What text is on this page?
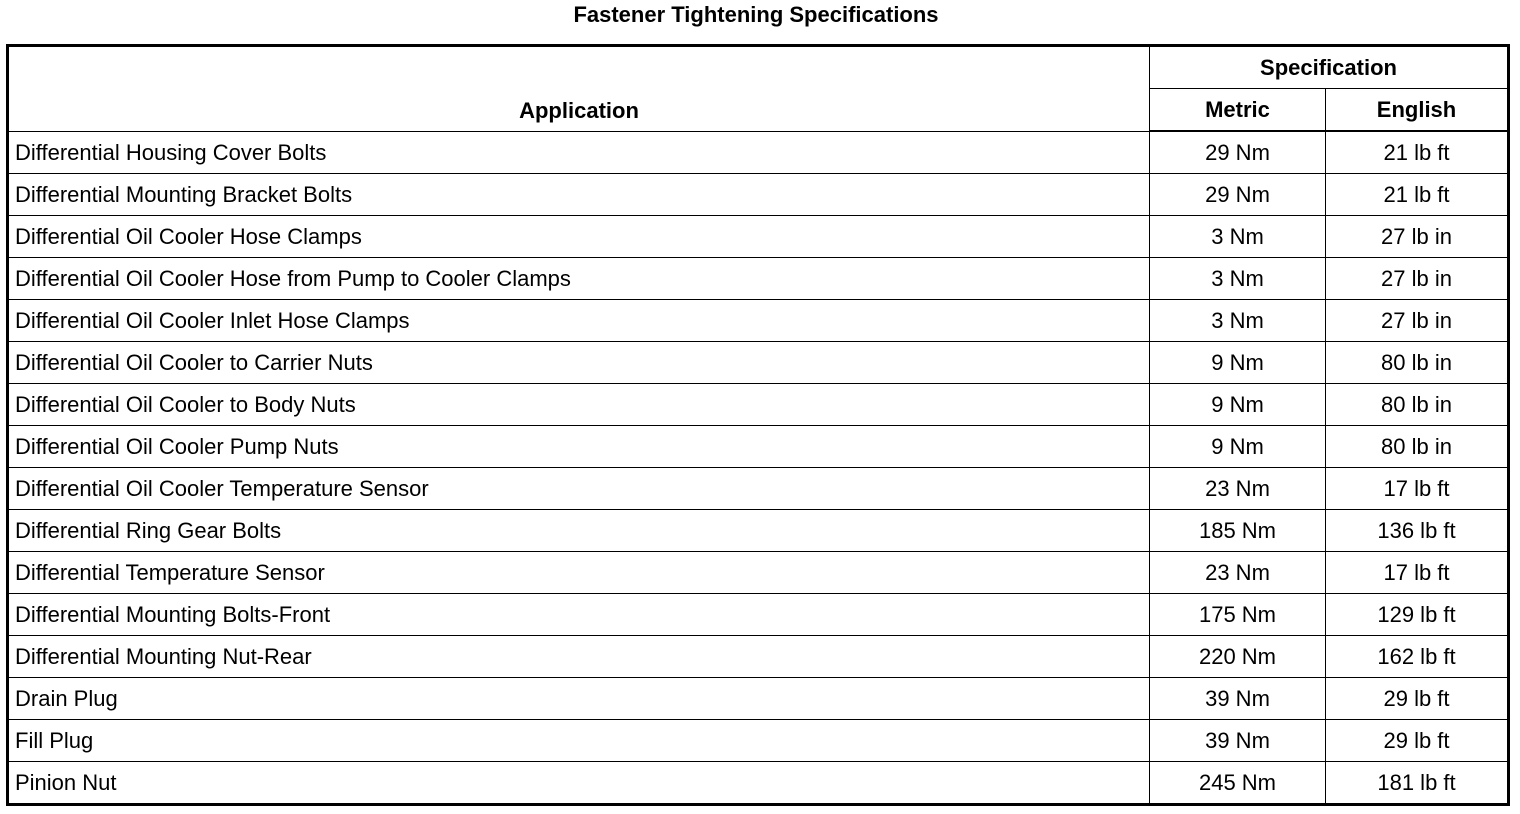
Fastener Tightening Specifications
Application	Specification	
	Metric	English
Differential Housing Cover Bolts	29 Nm	21 lb ft
Differential Mounting Bracket Bolts	29 Nm	21 lb ft
Differential Oil Cooler Hose Clamps	3 Nm	27 lb in
Differential Oil Cooler Hose from Pump to Cooler Clamps	3 Nm	27 lb in
Differential Oil Cooler Inlet Hose Clamps	3 Nm	27 lb in
Differential Oil Cooler to Carrier Nuts	9 Nm	80 lb in
Differential Oil Cooler to Body Nuts	9 Nm	80 lb in
Differential Oil Cooler Pump Nuts	9 Nm	80 lb in
Differential Oil Cooler Temperature Sensor	23 Nm	17 lb ft
Differential Ring Gear Bolts	185 Nm	136 lb ft
Differential Temperature Sensor	23 Nm	17 lb ft
Differential Mounting Bolts-Front	175 Nm	129 lb ft
Differential Mounting Nut-Rear	220 Nm	162 lb ft
Drain Plug	39 Nm	29 lb ft
Fill Plug	39 Nm	29 lb ft
Pinion Nut	245 Nm	181 lb ft
